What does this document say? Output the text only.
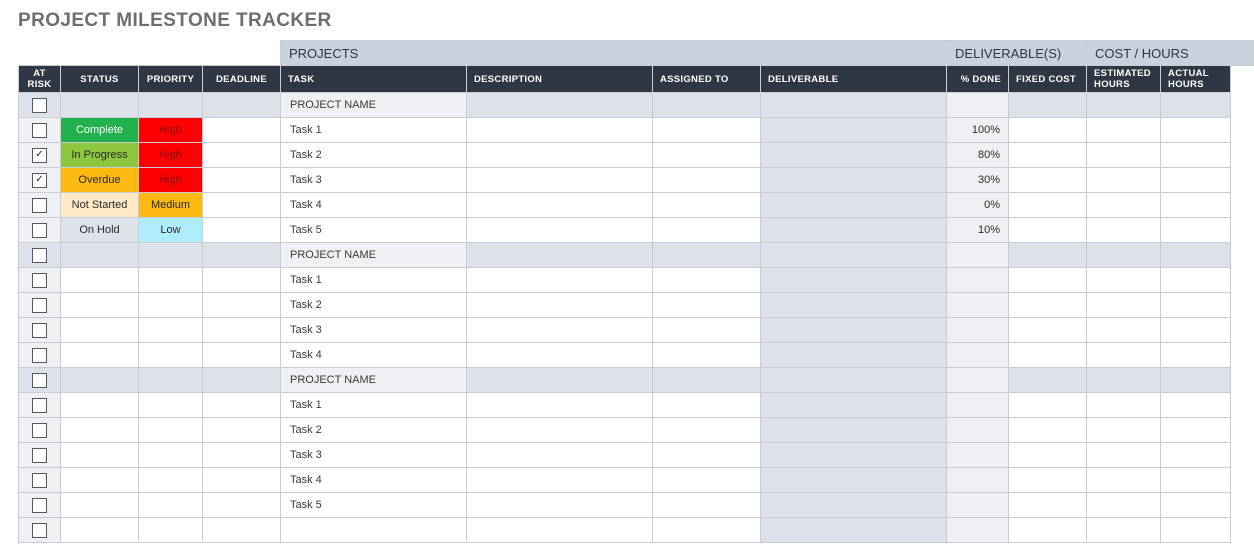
PROJECT MILESTONE TRACKER
				PROJECTS				DELIVERABLE(S)		COST / HOURS	
AT RISK	STATUS	PRIORITY	DEADLINE	TASK	DESCRIPTION	ASSIGNED TO	DELIVERABLE	% DONE	FIXED COST	ESTIMATED HOURS	ACTUAL HOURS
				PROJECT NAME							
	Complete	High		Task 1				100%			
✓	In Progress	High		Task 2				80%			
✓	Overdue	High		Task 3				30%			
	Not Started	Medium		Task 4				0%			
	On Hold	Low		Task 5				10%			
				PROJECT NAME							
				Task 1							
				Task 2							
				Task 3							
				Task 4							
				PROJECT NAME							
				Task 1							
				Task 2							
				Task 3							
				Task 4							
				Task 5							
